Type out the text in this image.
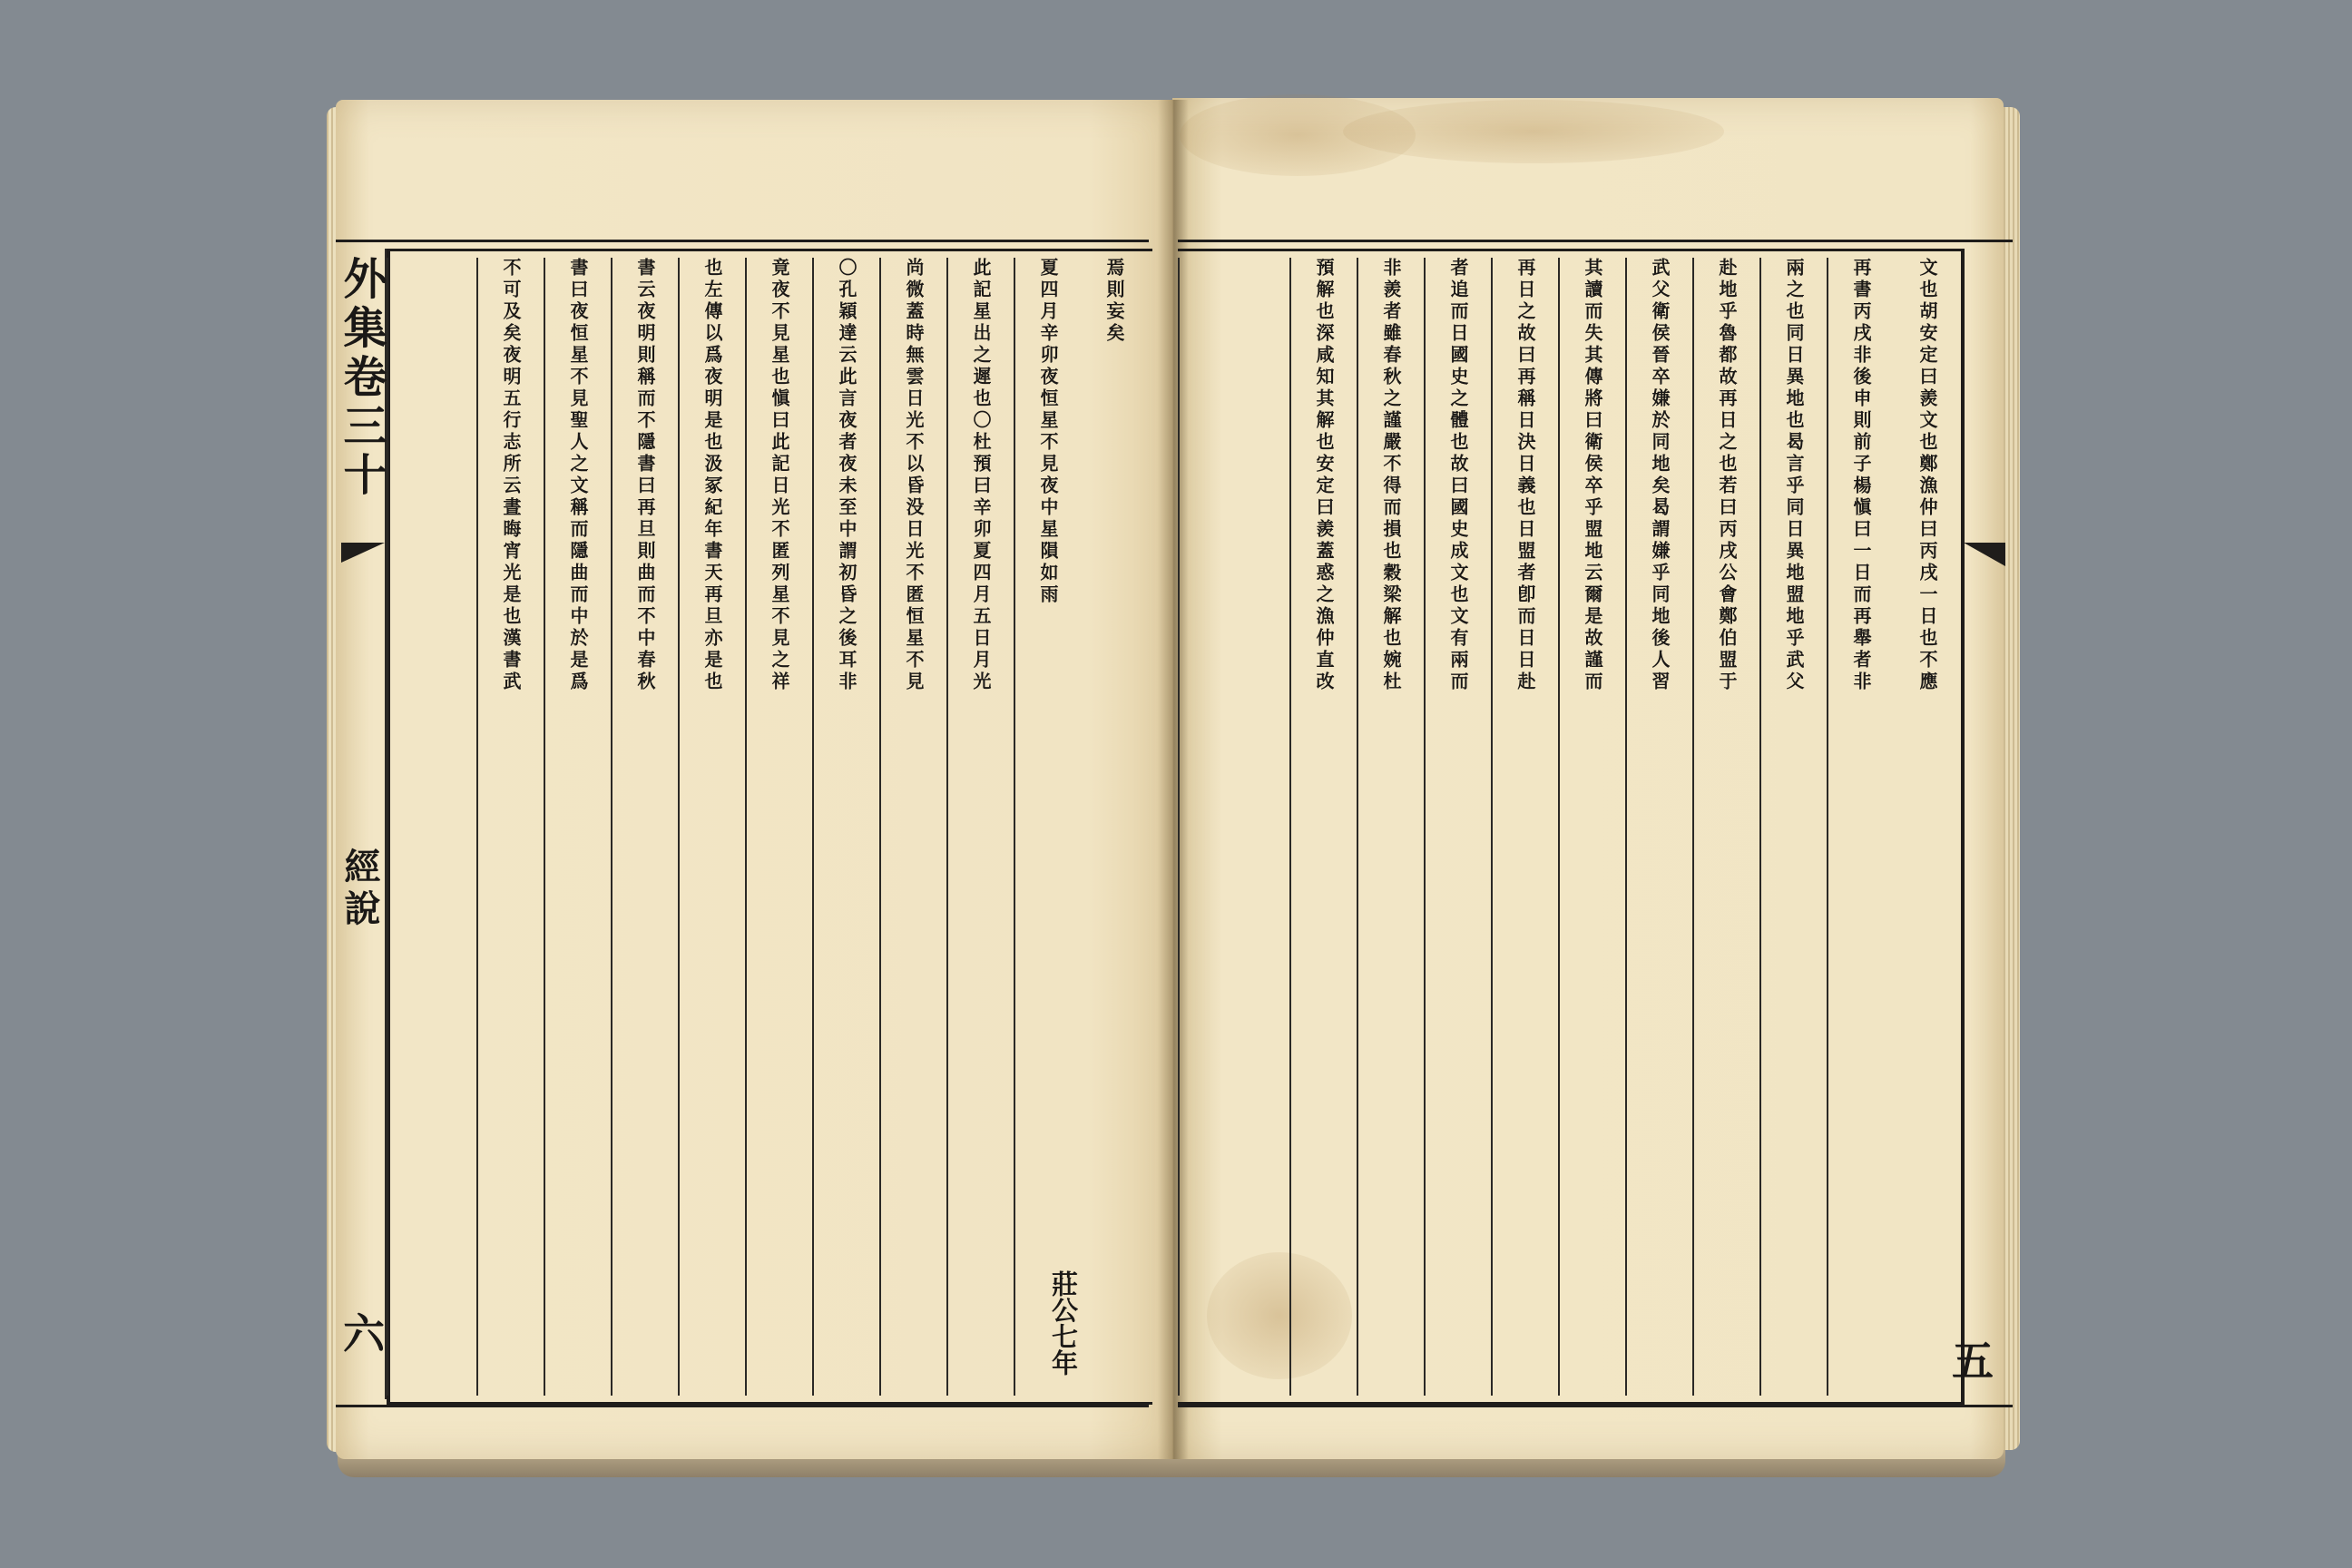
外集卷三十
經說
六
五
焉則妄矣
夏四月辛卯夜恒星不見夜中星隕如雨
此記星出之遲也〇杜預曰辛卯夏四月五日月光
尚微蓋時無雲日光不以昏没日光不匿恒星不見
〇孔穎達云此言夜者夜未至中謂初昏之後耳非
竟夜不見星也愼曰此記日光不匿列星不見之祥
也左傳以爲夜明是也汲冢紀年書天再旦亦是也
書云夜明則稱而不隱書曰再旦則曲而不中春秋
書曰夜恒星不見聖人之文稱而隱曲而中於是爲
不可及矣夜明五行志所云晝晦宵光是也漢書武
莊公七年
文也胡安定曰羨文也鄭漁仲曰丙戌一日也不應
再書丙戌非後申則前子楊愼曰一日而再舉者非
兩之也同日異地也曷言乎同日異地盟地乎武父
赴地乎魯都故再日之也若曰丙戌公會鄭伯盟于
武父衛侯晉卒嫌於同地矣曷謂嫌乎同地後人習
其讀而失其傳將曰衛侯卒乎盟地云爾是故謹而
再日之故曰再稱日決日義也日盟者卽而日日赴
者追而日國史之體也故曰國史成文也文有兩而
非羨者雖春秋之謹嚴不得而損也穀梁解也婉杜
預解也深咸知其解也安定曰羨蓋惑之漁仲直改
